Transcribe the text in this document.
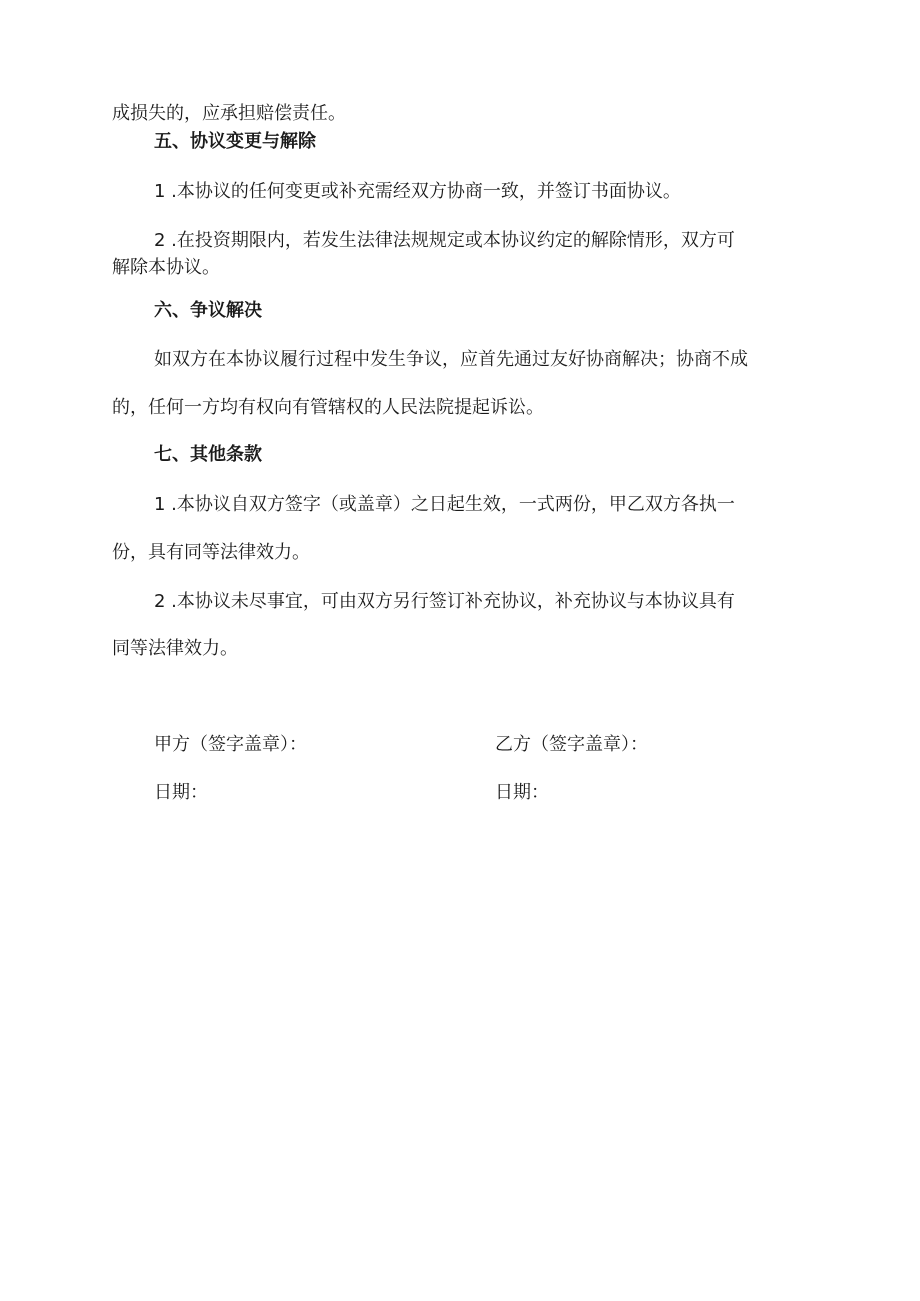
成损失的，应承担赔偿责任。
五、协议变更与解除
1 .本协议的任何变更或补充需经双方协商一致，并签订书面协议。
2 .在投资期限内，若发生法律法规规定或本协议约定的解除情形，双方可
解除本协议。
六、争议解决
如双方在本协议履行过程中发生争议，应首先通过友好协商解决；协商不成
的，任何一方均有权向有管辖权的人民法院提起诉讼。
七、其他条款
1 .本协议自双方签字（或盖章）之日起生效，一式两份，甲乙双方各执一
份，具有同等法律效力。
2 .本协议未尽事宜，可由双方另行签订补充协议，补充协议与本协议具有
同等法律效力。
甲方（签字盖章）：	乙方（签字盖章）：
日期：	日期：
